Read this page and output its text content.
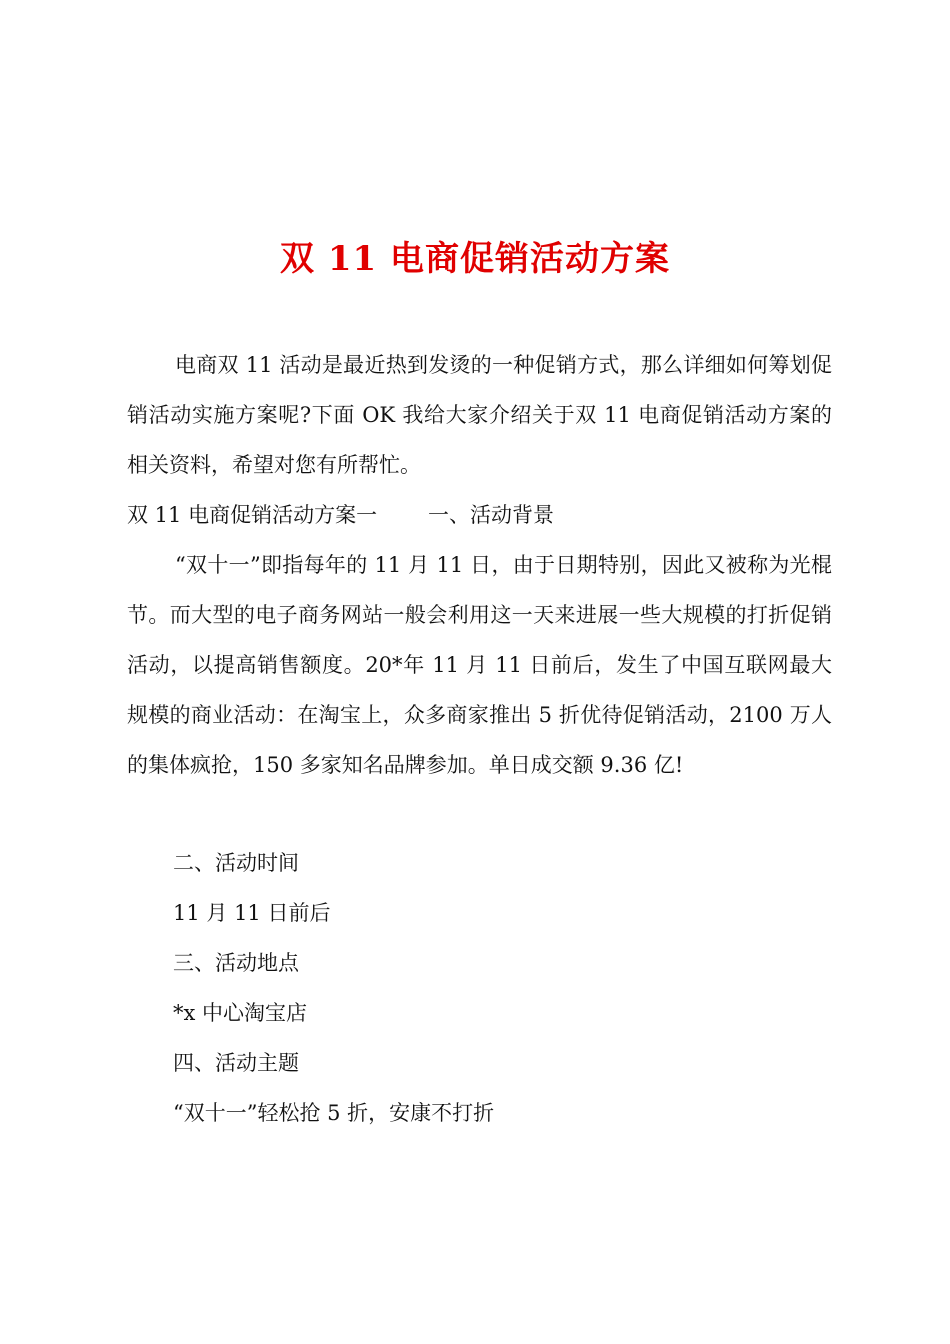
双 11 电商促销活动方案

电商双 11 活动是最近热到发烫的一种促销方式，那么详细如何筹划促销活动实施方案呢?下面 OK 我给大家介绍关于双 11 电商促销活动方案的相关资料，希望对您有所帮忙。

双 11 电商促销活动方案一 一、活动背景

“双十一”即指每年的 11 月 11 日，由于日期特别，因此又被称为光棍节。而大型的电子商务网站一般会利用这一天来进展一些大规模的打折促销活动，以提高销售额度。20*年 11 月 11 日前后，发生了中国互联网最大规模的商业活动：在淘宝上，众多商家推出 5 折优待促销活动，2100 万人的集体疯抢，150 多家知名品牌参加。单日成交额 9.36 亿!

二、活动时间

11 月 11 日前后

三、活动地点

*x 中心淘宝店

四、活动主题

“双十一”轻松抢 5 折，安康不打折
